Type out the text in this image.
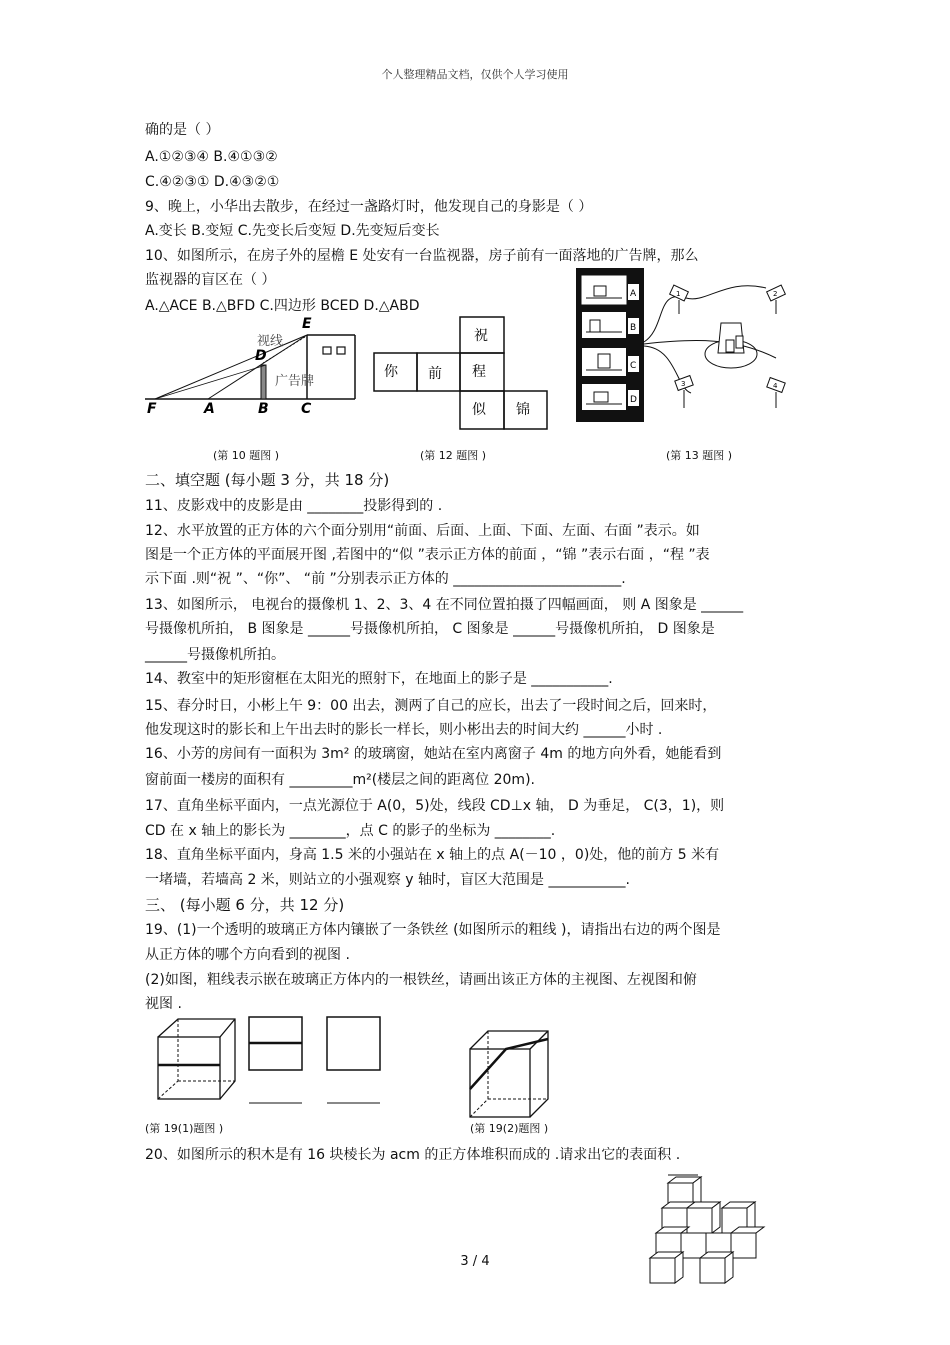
个人整理精品文档，仅供个人学习使用
确的是（ ）
A.①②③④ B.④①③②
C.④②③① D.④③②①
9、晚上，小华出去散步，在经过一盏路灯时，他发现自己的身影是（ ）
A.变长 B.变短 C.先变长后变短 D.先变短后变长
10、如图所示，在房子外的屋檐 E 处安有一台监视器，房子前有一面落地的广告牌，那么
监视器的盲区在（ ）
A.△ACE B.△BFD C.四边形 BCED D.△ABD
视线
广告牌
E
D
F	A	B C
祝
你 前 程
似 锦
A
B
C
D
1	2
3	4
(第 10 题图 )	(第 12 题图 )	(第 13 题图 )
二、填空题 (每小题 3 分，共 18 分)
11、皮影戏中的皮影是由 ________投影得到的 .
12、水平放置的正方体的六个面分别用“前面、后面、上面、下面、左面、右面 ”表示。如
图是一个正方体的平面展开图 ,若图中的“似 ”表示正方体的前面 ，“锦 ”表示右面 ，“程 ”表
示下面 .则“祝 ”、“你”、 “前 ”分别表示正方体的 ________________________.
13、如图所示， 电视台的摄像机 1、2、3、4 在不同位置拍摄了四幅画面， 则 A 图象是 ______
号摄像机所拍， B 图象是 ______号摄像机所拍， C 图象是 ______号摄像机所拍， D 图象是
______号摄像机所拍。
14、教室中的矩形窗框在太阳光的照射下，在地面上的影子是 ___________.
15、春分时日，小彬上午 9：00 出去，测两了自己的应长，出去了一段时间之后，回来时，
他发现这时的影长和上午出去时的影长一样长，则小彬出去的时间大约 ______小时 .
16、小芳的房间有一面积为 3m² 的玻璃窗，她站在室内离窗子 4m 的地方向外看，她能看到
窗前面一楼房的面积有 _________m²(楼层之间的距离位 20m).
17、直角坐标平面内，一点光源位于 A(0，5)处，线段 CD⊥x 轴， D 为垂足， C(3，1)，则
CD 在 x 轴上的影长为 ________，点 C 的影子的坐标为 ________.
18、直角坐标平面内，身高 1.5 米的小强站在 x 轴上的点 A(－10 ，0)处，他的前方 5 米有
一堵墙，若墙高 2 米，则站立的小强观察 y 轴时，盲区大范围是 ___________.
三、 (每小题 6 分，共 12 分)
19、(1)一个透明的玻璃正方体内镶嵌了一条铁丝 (如图所示的粗线 )，请指出右边的两个图是
从正方体的哪个方向看到的视图 .
(2)如图，粗线表示嵌在玻璃正方体内的一根铁丝，请画出该正方体的主视图、左视图和俯
视图 .
(第 19(1)题图 )	(第 19(2)题图 )
20、如图所示的积木是有 16 块棱长为 acm 的正方体堆积而成的 .请求出它的表面积 .
3 / 4
